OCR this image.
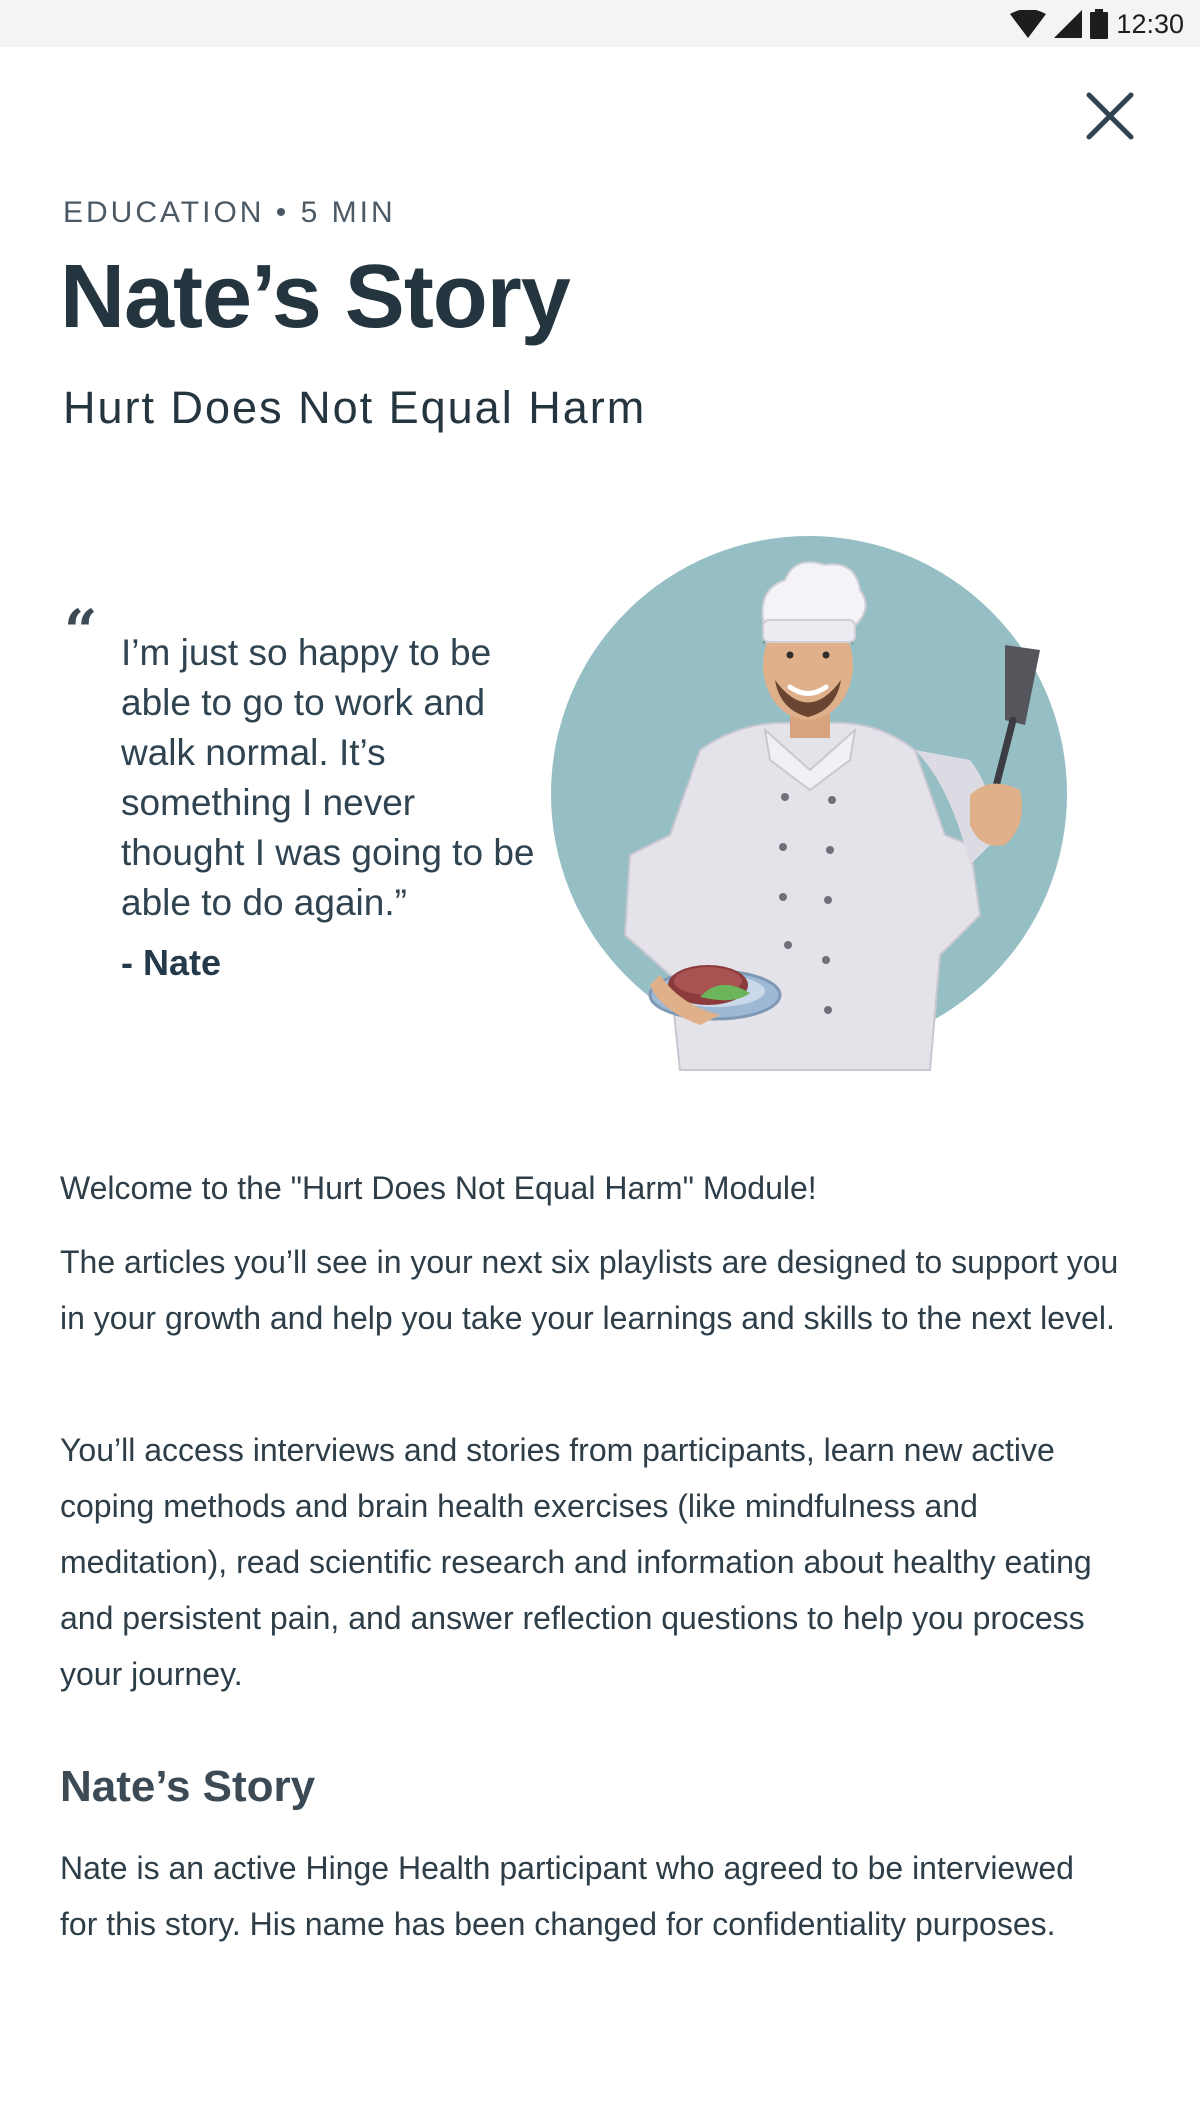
12:30
EDUCATION • 5 MIN
Nate’s Story
Hurt Does Not Equal Harm
“ I’m just so happy to be able to go to work and walk normal. It’s something I never thought I was going to be able to do again.”

- Nate

Welcome to the "Hurt Does Not Equal Harm" Module!

The articles you’ll see in your next six playlists are designed to support you in your growth and help you take your learnings and skills to the next level.

You’ll access interviews and stories from participants, learn new active coping methods and brain health exercises (like mindfulness and meditation), read scientific research and information about healthy eating and persistent pain, and answer reflection questions to help you process your journey.

Nate’s Story

Nate is an active Hinge Health participant who agreed to be interviewed for this story. His name has been changed for confidentiality purposes.
